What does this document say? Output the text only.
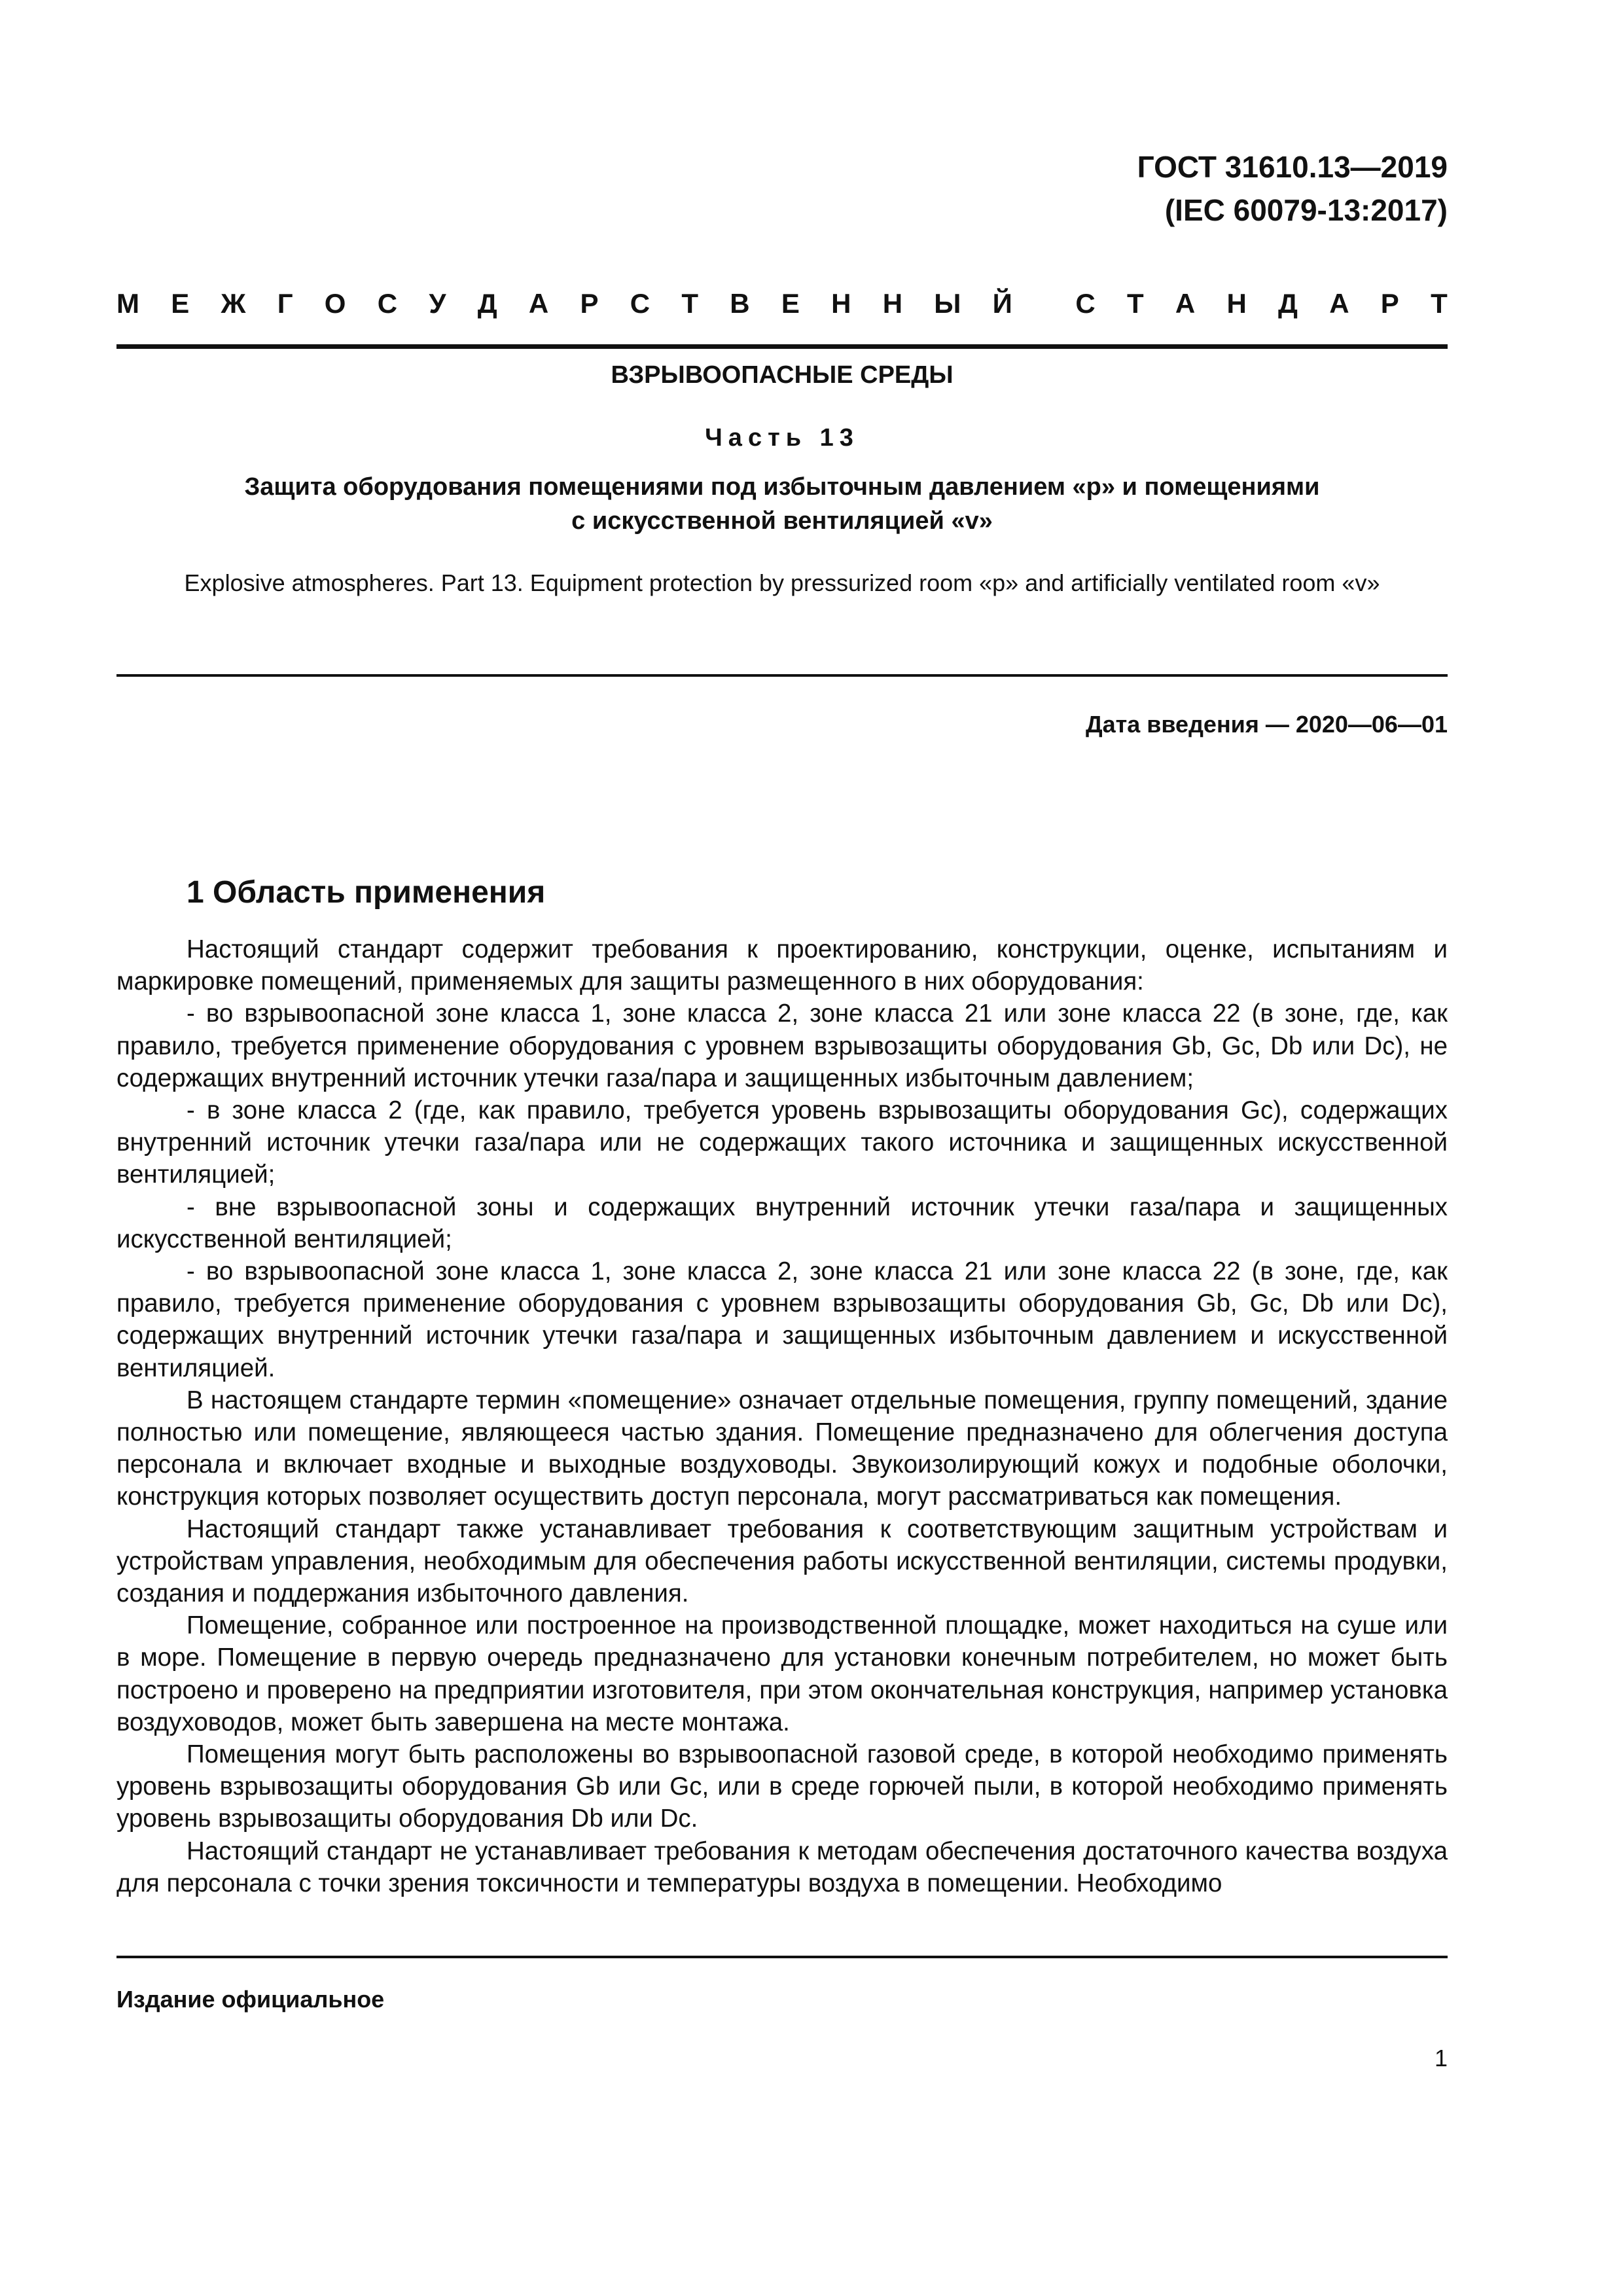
ГОСТ 31610.13—2019
(IEC 60079-13:2017)
М Е Ж Г О С У Д А Р С Т В Е Н Н Ы Й С Т А Н Д А Р Т
ВЗРЫВООПАСНЫЕ СРЕДЫ
Часть 13
Защита оборудования помещениями под избыточным давлением «р» и помещениями
с искусственной вентиляцией «v»
Explosive atmospheres. Part 13. Equipment protection by pressurized room «p» and artificially ventilated room «v»
Дата введения — 2020—06—01
1 Область применения

Настоящий стандарт содержит требования к проектированию, конструкции, оценке, испытаниям и маркировке помещений, применяемых для защиты размещенного в них оборудования:

- во взрывоопасной зоне класса 1, зоне класса 2, зоне класса 21 или зоне класса 22 (в зоне, где, как правило, требуется применение оборудования с уровнем взрывозащиты оборудования Gb, Gc, Db или Dc), не содержащих внутренний источник утечки газа/пара и защищенных избыточным давлением;

- в зоне класса 2 (где, как правило, требуется уровень взрывозащиты оборудования Gc), содержащих внутренний источник утечки газа/пара или не содержащих такого источника и защищенных искусственной вентиляцией;

- вне взрывоопасной зоны и содержащих внутренний источник утечки газа/пара и защищенных искусственной вентиляцией;

- во взрывоопасной зоне класса 1, зоне класса 2, зоне класса 21 или зоне класса 22 (в зоне, где, как правило, требуется применение оборудования с уровнем взрывозащиты оборудования Gb, Gc, Db или Dc), содержащих внутренний источник утечки газа/пара и защищенных избыточным давлением и искусственной вентиляцией.

В настоящем стандарте термин «помещение» означает отдельные помещения, группу помещений, здание полностью или помещение, являющееся частью здания. Помещение предназначено для облегчения доступа персонала и включает входные и выходные воздуховоды. Звукоизолирующий кожух и подобные оболочки, конструкция которых позволяет осуществить доступ персонала, могут рассматриваться как помещения.

Настоящий стандарт также устанавливает требования к соответствующим защитным устройствам и устройствам управления, необходимым для обеспечения работы искусственной вентиляции, системы продувки, создания и поддержания избыточного давления.

Помещение, собранное или построенное на производственной площадке, может находиться на суше или в море. Помещение в первую очередь предназначено для установки конечным потребителем, но может быть построено и проверено на предприятии изготовителя, при этом окончательная конструкция, например установка воздуховодов, может быть завершена на месте монтажа.

Помещения могут быть расположены во взрывоопасной газовой среде, в которой необходимо применять уровень взрывозащиты оборудования Gb или Gc, или в среде горючей пыли, в которой необходимо применять уровень взрывозащиты оборудования Db или Dc.

Настоящий стандарт не устанавливает требования к методам обеспечения достаточного качества воздуха для персонала с точки зрения токсичности и температуры воздуха в помещении. Необходимо

Издание официальное
1
